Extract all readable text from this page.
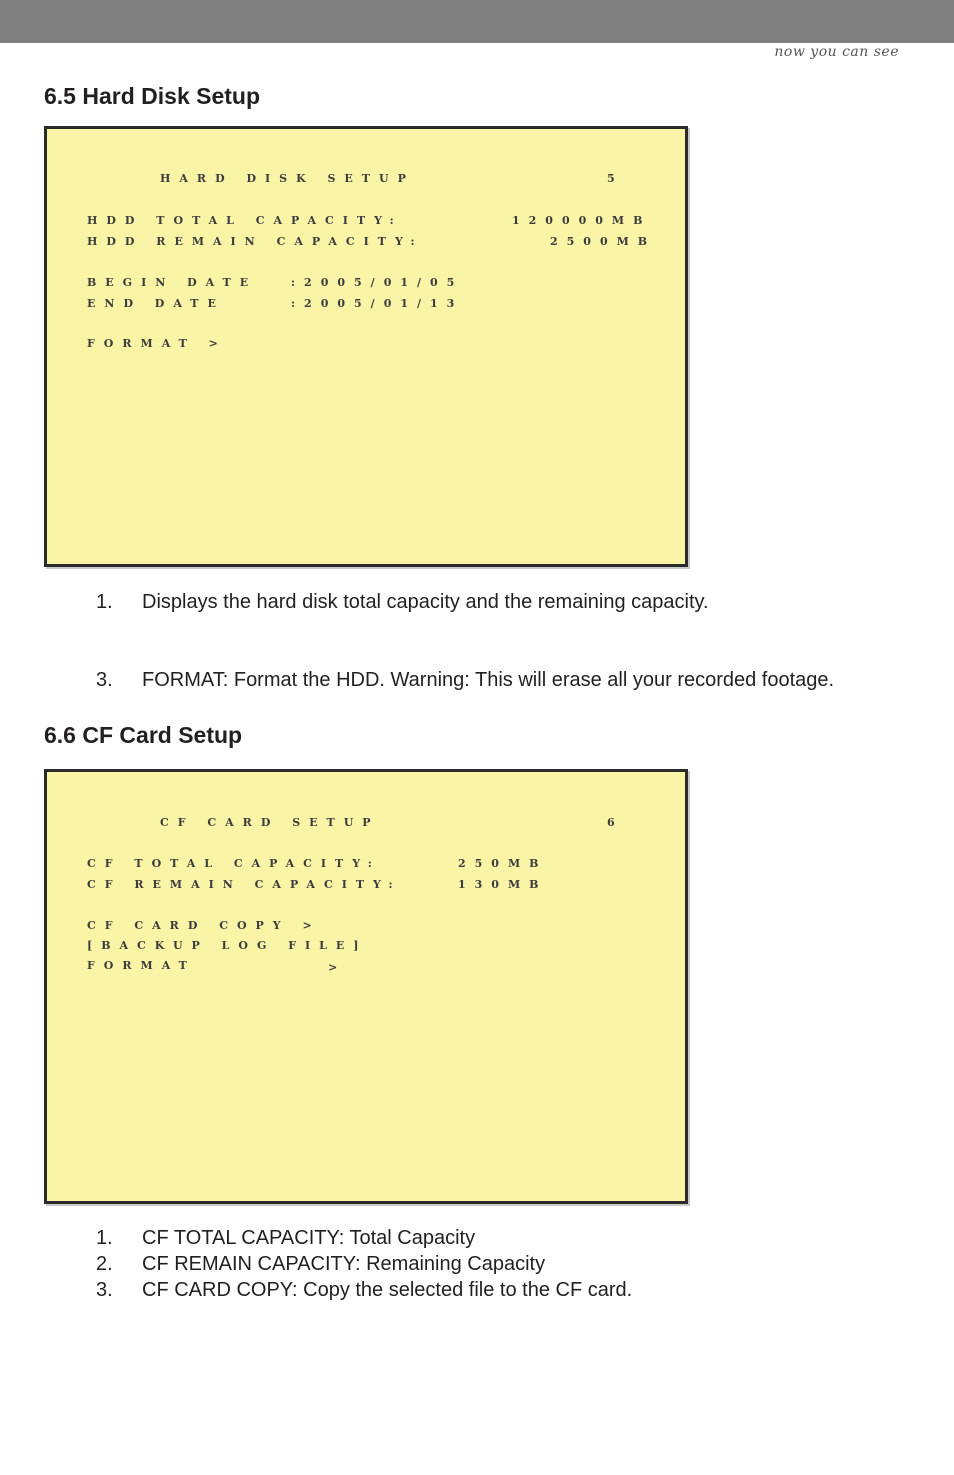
now you can see
6.5 Hard Disk Setup
HARD DISK SETUP	5
HDD TOTAL CAPACITY:	120000MB
HDD REMAIN CAPACITY:	2500MB
BEGIN DATE	:2005/01/05
END DATE	:2005/01/13
FORMAT >
1. Displays the hard disk total capacity and the remaining capacity.
3. FORMAT: Format the HDD. Warning: This will erase all your recorded footage.
6.6 CF Card Setup
CF CARD SETUP	6
CF TOTAL CAPACITY:	250MB
CF REMAIN CAPACITY:	130MB
CF CARD COPY >
[BACKUP LOG FILE]
FORMAT	>
1. CF TOTAL CAPACITY: Total Capacity
2. CF REMAIN CAPACITY: Remaining Capacity
3. CF CARD COPY: Copy the selected file to the CF card.
